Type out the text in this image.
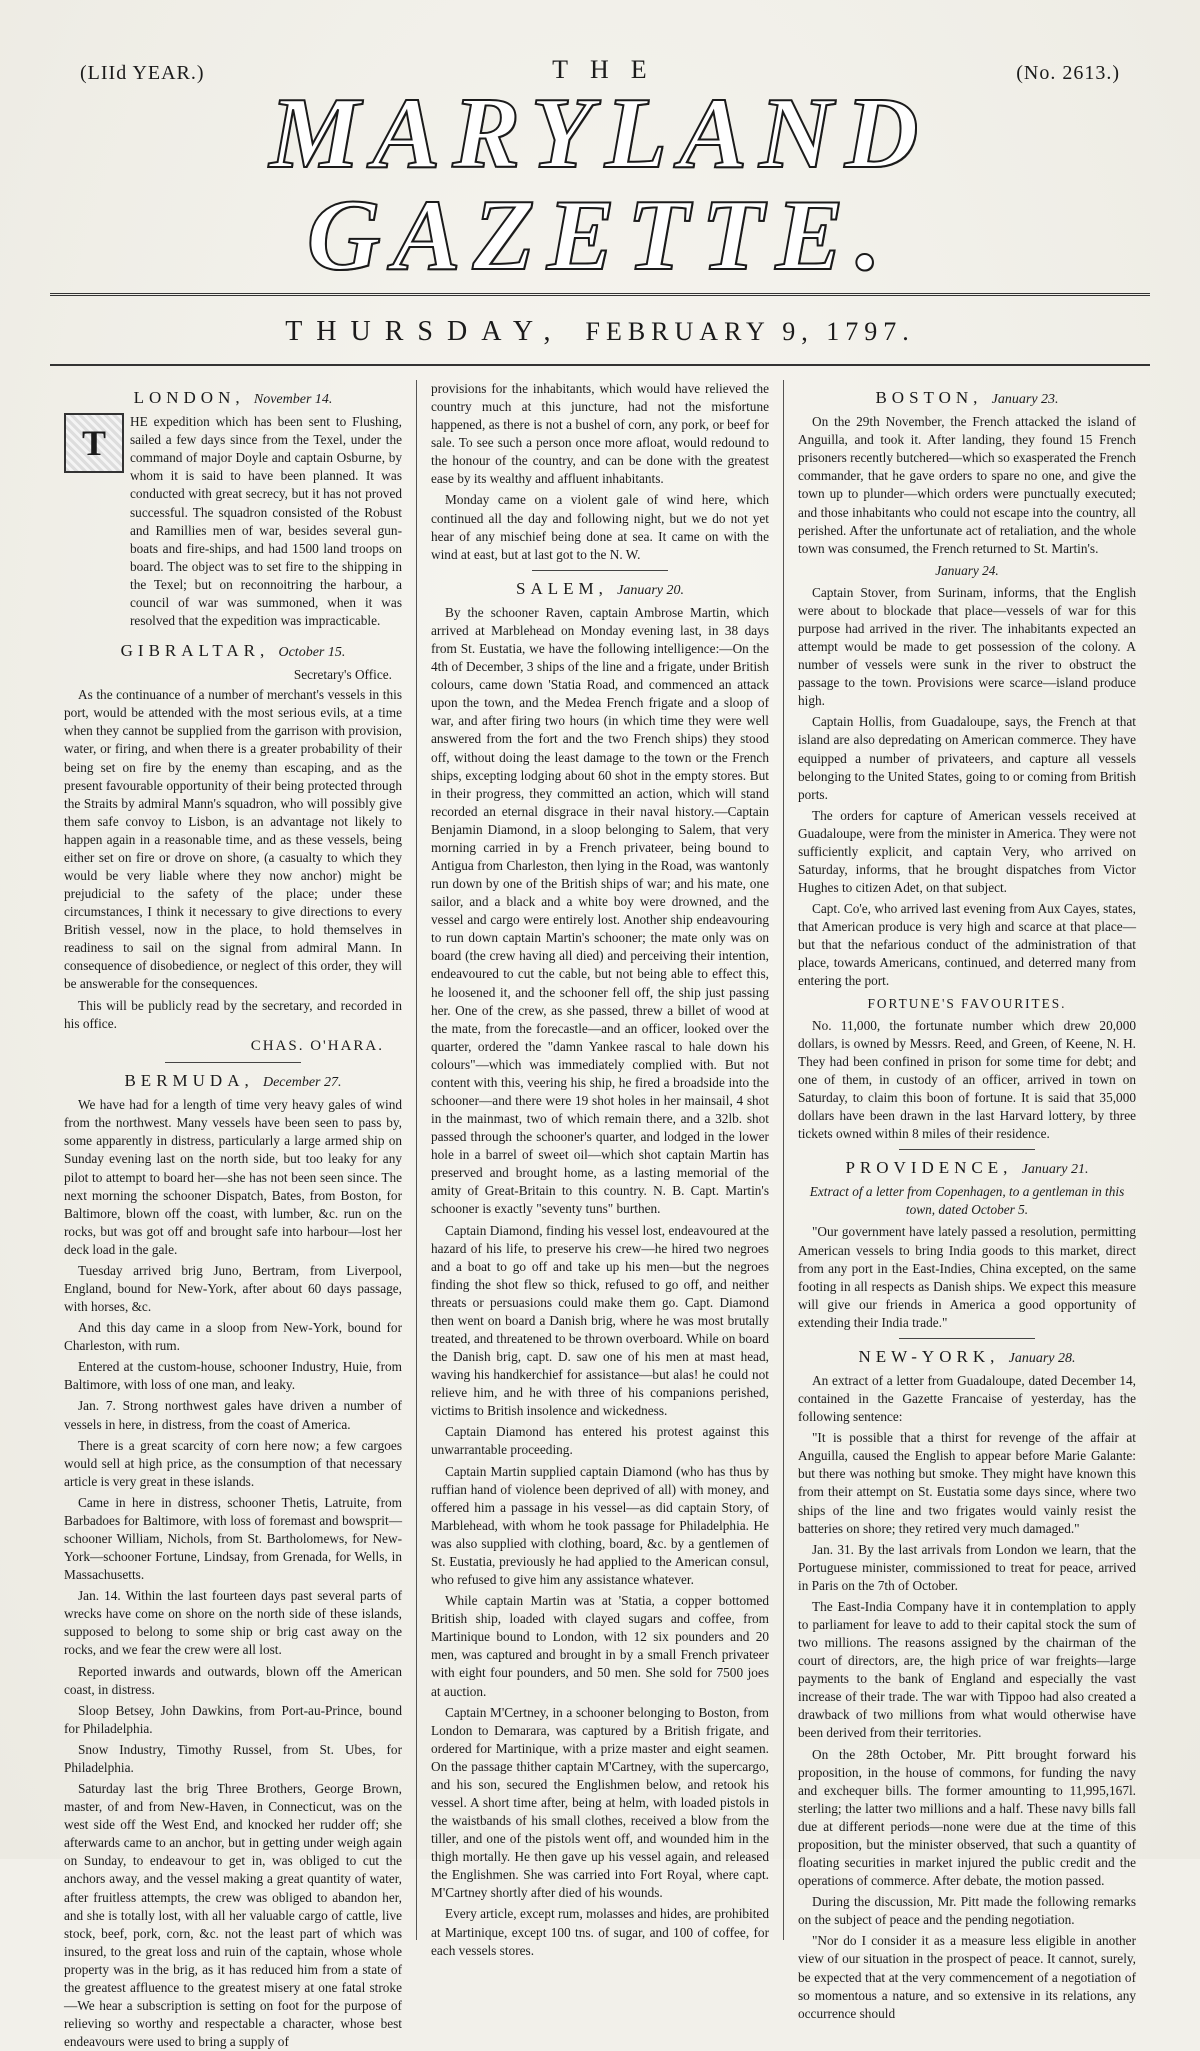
(LIId YEAR.)	THE	(No. 2613.)
MARYLAND GAZETTE.
THURSDAY, FEBRUARY 9, 1797.
LONDON, November 14.
T

HE expedition which has been sent to Flushing, sailed a few days since from the Texel, under the command of major Doyle and captain Osburne, by whom it is said to have been planned. It was conducted with great secrecy, but it has not proved successful. The squadron consisted of the Robust and Ramillies men of war, besides several gun-boats and fire-ships, and had 1500 land troops on board. The object was to set fire to the shipping in the Texel; but on reconnoitring the harbour, a council of war was summoned, when it was resolved that the expedition was impracticable.

GIBRALTAR, October 15.
Secretary's Office.

As the continuance of a number of merchant's vessels in this port, would be attended with the most serious evils, at a time when they cannot be supplied from the garrison with provision, water, or firing, and when there is a greater probability of their being set on fire by the enemy than escaping, and as the present favourable opportunity of their being protected through the Straits by admiral Mann's squadron, who will possibly give them safe convoy to Lisbon, is an advantage not likely to happen again in a reasonable time, and as these vessels, being either set on fire or drove on shore, (a casualty to which they would be very liable where they now anchor) might be prejudicial to the safety of the place; under these circumstances, I think it necessary to give directions to every British vessel, now in the place, to hold themselves in readiness to sail on the signal from admiral Mann. In consequence of disobedience, or neglect of this order, they will be answerable for the consequences.

This will be publicly read by the secretary, and recorded in his office.

CHAS. O'HARA.
BERMUDA, December 27.

We have had for a length of time very heavy gales of wind from the northwest. Many vessels have been seen to pass by, some apparently in distress, particularly a large armed ship on Sunday evening last on the north side, but too leaky for any pilot to attempt to board her—she has not been seen since. The next morning the schooner Dispatch, Bates, from Boston, for Baltimore, blown off the coast, with lumber, &c. run on the rocks, but was got off and brought safe into harbour—lost her deck load in the gale.

Tuesday arrived brig Juno, Bertram, from Liverpool, England, bound for New-York, after about 60 days passage, with horses, &c.

And this day came in a sloop from New-York, bound for Charleston, with rum.

Entered at the custom-house, schooner Industry, Huie, from Baltimore, with loss of one man, and leaky.

Jan. 7. Strong northwest gales have driven a number of vessels in here, in distress, from the coast of America.

There is a great scarcity of corn here now; a few cargoes would sell at high price, as the consumption of that necessary article is very great in these islands.

Came in here in distress, schooner Thetis, Latruite, from Barbadoes for Baltimore, with loss of foremast and bowsprit—schooner William, Nichols, from St. Bartholomews, for New-York—schooner Fortune, Lindsay, from Grenada, for Wells, in Massachusetts.

Jan. 14. Within the last fourteen days past several parts of wrecks have come on shore on the north side of these islands, supposed to belong to some ship or brig cast away on the rocks, and we fear the crew were all lost.

Reported inwards and outwards, blown off the American coast, in distress.

Sloop Betsey, John Dawkins, from Port-au-Prince, bound for Philadelphia.

Snow Industry, Timothy Russel, from St. Ubes, for Philadelphia.

Saturday last the brig Three Brothers, George Brown, master, of and from New-Haven, in Connecticut, was on the west side off the West End, and knocked her rudder off; she afterwards came to an anchor, but in getting under weigh again on Sunday, to endeavour to get in, was obliged to cut the anchors away, and the vessel making a great quantity of water, after fruitless attempts, the crew was obliged to abandon her, and she is totally lost, with all her valuable cargo of cattle, live stock, beef, pork, corn, &c. not the least part of which was insured, to the great loss and ruin of the captain, whose whole property was in the brig, as it has reduced him from a state of the greatest affluence to the greatest misery at one fatal stroke—We hear a subscription is setting on foot for the purpose of relieving so worthy and respectable a character, whose best endeavours were used to bring a supply of

provisions for the inhabitants, which would have relieved the country much at this juncture, had not the misfortune happened, as there is not a bushel of corn, any pork, or beef for sale. To see such a person once more afloat, would redound to the honour of the country, and can be done with the greatest ease by its wealthy and affluent inhabitants.

Monday came on a violent gale of wind here, which continued all the day and following night, but we do not yet hear of any mischief being done at sea. It came on with the wind at east, but at last got to the N. W.

SALEM, January 20.

By the schooner Raven, captain Ambrose Martin, which arrived at Marblehead on Monday evening last, in 38 days from St. Eustatia, we have the following intelligence:—On the 4th of December, 3 ships of the line and a frigate, under British colours, came down 'Statia Road, and commenced an attack upon the town, and the Medea French frigate and a sloop of war, and after firing two hours (in which time they were well answered from the fort and the two French ships) they stood off, without doing the least damage to the town or the French ships, excepting lodging about 60 shot in the empty stores. But in their progress, they committed an action, which will stand recorded an eternal disgrace in their naval history.—Captain Benjamin Diamond, in a sloop belonging to Salem, that very morning carried in by a French privateer, being bound to Antigua from Charleston, then lying in the Road, was wantonly run down by one of the British ships of war; and his mate, one sailor, and a black and a white boy were drowned, and the vessel and cargo were entirely lost. Another ship endeavouring to run down captain Martin's schooner; the mate only was on board (the crew having all died) and perceiving their intention, endeavoured to cut the cable, but not being able to effect this, he loosened it, and the schooner fell off, the ship just passing her. One of the crew, as she passed, threw a billet of wood at the mate, from the forecastle—and an officer, looked over the quarter, ordered the "damn Yankee rascal to hale down his colours"—which was immediately complied with. But not content with this, veering his ship, he fired a broadside into the schooner—and there were 19 shot holes in her mainsail, 4 shot in the mainmast, two of which remain there, and a 32lb. shot passed through the schooner's quarter, and lodged in the lower hole in a barrel of sweet oil—which shot captain Martin has preserved and brought home, as a lasting memorial of the amity of Great-Britain to this country. N. B. Capt. Martin's schooner is exactly "seventy tuns" burthen.

Captain Diamond, finding his vessel lost, endeavoured at the hazard of his life, to preserve his crew—he hired two negroes and a boat to go off and take up his men—but the negroes finding the shot flew so thick, refused to go off, and neither threats or persuasions could make them go. Capt. Diamond then went on board a Danish brig, where he was most brutally treated, and threatened to be thrown overboard. While on board the Danish brig, capt. D. saw one of his men at mast head, waving his handkerchief for assistance—but alas! he could not relieve him, and he with three of his companions perished, victims to British insolence and wickedness.

Captain Diamond has entered his protest against this unwarrantable proceeding.

Captain Martin supplied captain Diamond (who has thus by ruffian hand of violence been deprived of all) with money, and offered him a passage in his vessel—as did captain Story, of Marblehead, with whom he took passage for Philadelphia. He was also supplied with clothing, board, &c. by a gentlemen of St. Eustatia, previously he had applied to the American consul, who refused to give him any assistance whatever.

While captain Martin was at 'Statia, a copper bottomed British ship, loaded with clayed sugars and coffee, from Martinique bound to London, with 12 six pounders and 20 men, was captured and brought in by a small French privateer with eight four pounders, and 50 men. She sold for 7500 joes at auction.

Captain M'Certney, in a schooner belonging to Boston, from London to Demarara, was captured by a British frigate, and ordered for Martinique, with a prize master and eight seamen. On the passage thither captain M'Cartney, with the supercargo, and his son, secured the Englishmen below, and retook his vessel. A short time after, being at helm, with loaded pistols in the waistbands of his small clothes, received a blow from the tiller, and one of the pistols went off, and wounded him in the thigh mortally. He then gave up his vessel again, and released the Englishmen. She was carried into Fort Royal, where capt. M'Cartney shortly after died of his wounds.

Every article, except rum, molasses and hides, are prohibited at Martinique, except 100 tns. of sugar, and 100 of coffee, for each vessels stores.

BOSTON, January 23.

On the 29th November, the French attacked the island of Anguilla, and took it. After landing, they found 15 French prisoners recently butchered—which so exasperated the French commander, that he gave orders to spare no one, and give the town up to plunder—which orders were punctually executed; and those inhabitants who could not escape into the country, all perished. After the unfortunate act of retaliation, and the whole town was consumed, the French returned to St. Martin's.

January 24.

Captain Stover, from Surinam, informs, that the English were about to blockade that place—vessels of war for this purpose had arrived in the river. The inhabitants expected an attempt would be made to get possession of the colony. A number of vessels were sunk in the river to obstruct the passage to the town. Provisions were scarce—island produce high.

Captain Hollis, from Guadaloupe, says, the French at that island are also depredating on American commerce. They have equipped a number of privateers, and capture all vessels belonging to the United States, going to or coming from British ports.

The orders for capture of American vessels received at Guadaloupe, were from the minister in America. They were not sufficiently explicit, and captain Very, who arrived on Saturday, informs, that he brought dispatches from Victor Hughes to citizen Adet, on that subject.

Capt. Co'e, who arrived last evening from Aux Cayes, states, that American produce is very high and scarce at that place—but that the nefarious conduct of the administration of that place, towards Americans, continued, and deterred many from entering the port.

FORTUNE'S FAVOURITES.

No. 11,000, the fortunate number which drew 20,000 dollars, is owned by Messrs. Reed, and Green, of Keene, N. H. They had been confined in prison for some time for debt; and one of them, in custody of an officer, arrived in town on Saturday, to claim this boon of fortune. It is said that 35,000 dollars have been drawn in the last Harvard lottery, by three tickets owned within 8 miles of their residence.

PROVIDENCE, January 21.
Extract of a letter from Copenhagen, to a gentleman in this town, dated October 5.

"Our government have lately passed a resolution, permitting American vessels to bring India goods to this market, direct from any port in the East-Indies, China excepted, on the same footing in all respects as Danish ships. We expect this measure will give our friends in America a good opportunity of extending their India trade."

NEW-YORK, January 28.

An extract of a letter from Guadaloupe, dated December 14, contained in the Gazette Francaise of yesterday, has the following sentence:

"It is possible that a thirst for revenge of the affair at Anguilla, caused the English to appear before Marie Galante: but there was nothing but smoke. They might have known this from their attempt on St. Eustatia some days since, where two ships of the line and two frigates would vainly resist the batteries on shore; they retired very much damaged."

Jan. 31. By the last arrivals from London we learn, that the Portuguese minister, commissioned to treat for peace, arrived in Paris on the 7th of October.

The East-India Company have it in contemplation to apply to parliament for leave to add to their capital stock the sum of two millions. The reasons assigned by the chairman of the court of directors, are, the high price of war freights—large payments to the bank of England and especially the vast increase of their trade. The war with Tippoo had also created a drawback of two millions from what would otherwise have been derived from their territories.

On the 28th October, Mr. Pitt brought forward his proposition, in the house of commons, for funding the navy and exchequer bills. The former amounting to 11,995,167l. sterling; the latter two millions and a half. These navy bills fall due at different periods—none were due at the time of this proposition, but the minister observed, that such a quantity of floating securities in market injured the public credit and the operations of commerce. After debate, the motion passed.

During the discussion, Mr. Pitt made the following remarks on the subject of peace and the pending negotiation.

"Nor do I consider it as a measure less eligible in another view of our situation in the prospect of peace. It cannot, surely, be expected that at the very commencement of a negotiation of so momentous a nature, and so extensive in its relations, any occurrence should
